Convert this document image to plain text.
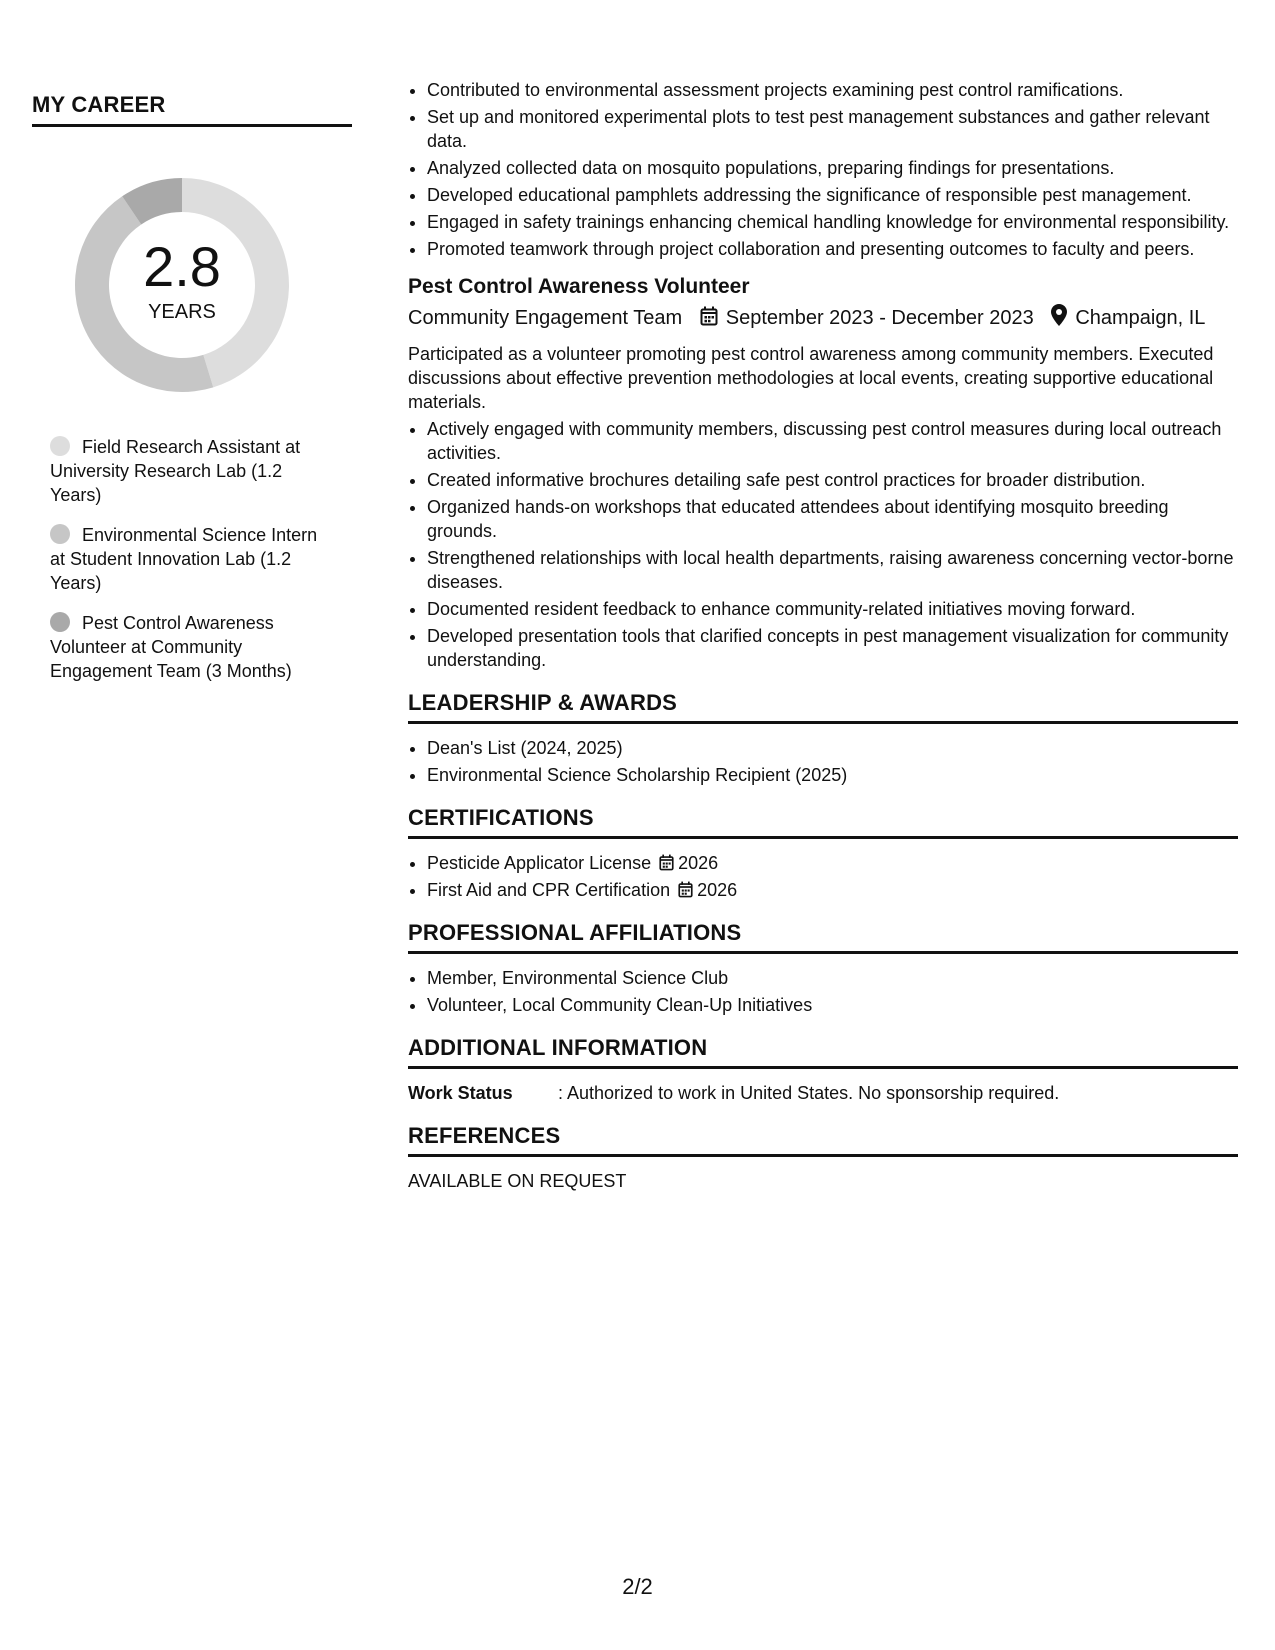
MY CAREER
2.8
YEARS
Field Research Assistant at University Research Lab (1.2 Years)
Environmental Science Intern at Student Innovation Lab (1.2 Years)
Pest Control Awareness Volunteer at Community Engagement Team (3 Months)
• Contributed to environmental assessment projects examining pest control ramifications.
• Set up and monitored experimental plots to test pest management substances and gather relevant data.
• Analyzed collected data on mosquito populations, preparing findings for presentations.
• Developed educational pamphlets addressing the significance of responsible pest management.
• Engaged in safety trainings enhancing chemical handling knowledge for environmental responsibility.
• Promoted teamwork through project collaboration and presenting outcomes to faculty and peers.
Pest Control Awareness Volunteer
Community Engagement Team September 2023 - December 2023 Champaign, IL
Participated as a volunteer promoting pest control awareness among community members. Executed discussions about effective prevention methodologies at local events, creating supportive educational materials.
• Actively engaged with community members, discussing pest control measures during local outreach activities.
• Created informative brochures detailing safe pest control practices for broader distribution.
• Organized hands-on workshops that educated attendees about identifying mosquito breeding grounds.
• Strengthened relationships with local health departments, raising awareness concerning vector-borne diseases.
• Documented resident feedback to enhance community-related initiatives moving forward.
• Developed presentation tools that clarified concepts in pest management visualization for community understanding.
LEADERSHIP & AWARDS
• Dean's List (2024, 2025)
• Environmental Science Scholarship Recipient (2025)
CERTIFICATIONS
• Pesticide Applicator License 2026
• First Aid and CPR Certification 2026
PROFESSIONAL AFFILIATIONS
• Member, Environmental Science Club
• Volunteer, Local Community Clean-Up Initiatives
ADDITIONAL INFORMATION
Work Status	: Authorized to work in United States. No sponsorship required.
REFERENCES
AVAILABLE ON REQUEST
2/2
